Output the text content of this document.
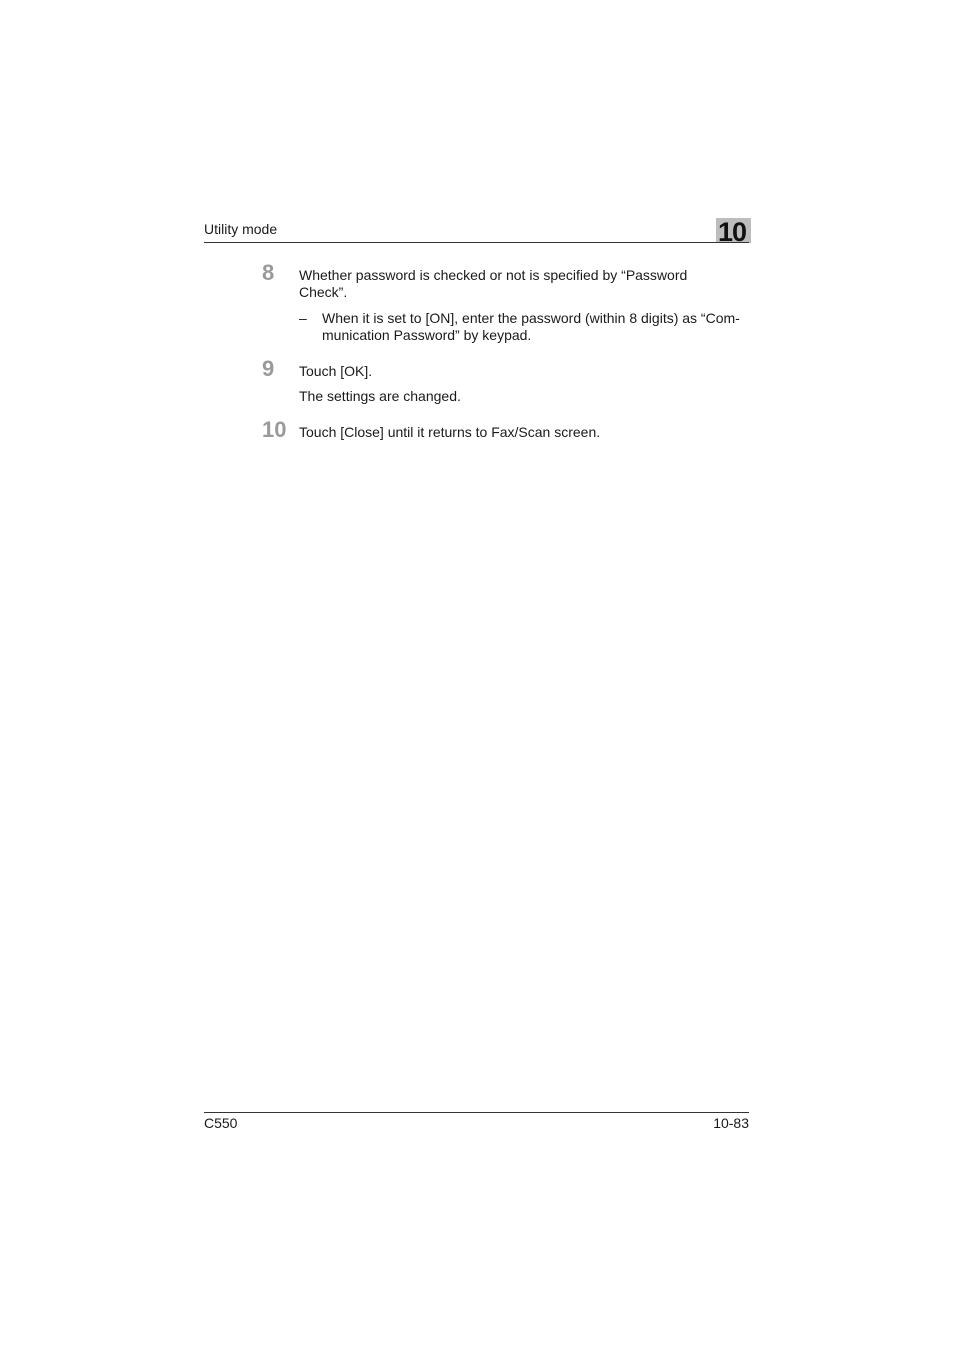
Utility mode	10
8 Whether password is checked or not is specified by “Password
Check”.
– When it is set to [ON], enter the password (within 8 digits) as “Com-
munication Password” by keypad.
9 Touch [OK].
The settings are changed.
10 Touch [Close] until it returns to Fax/Scan screen.
C550	10-83
